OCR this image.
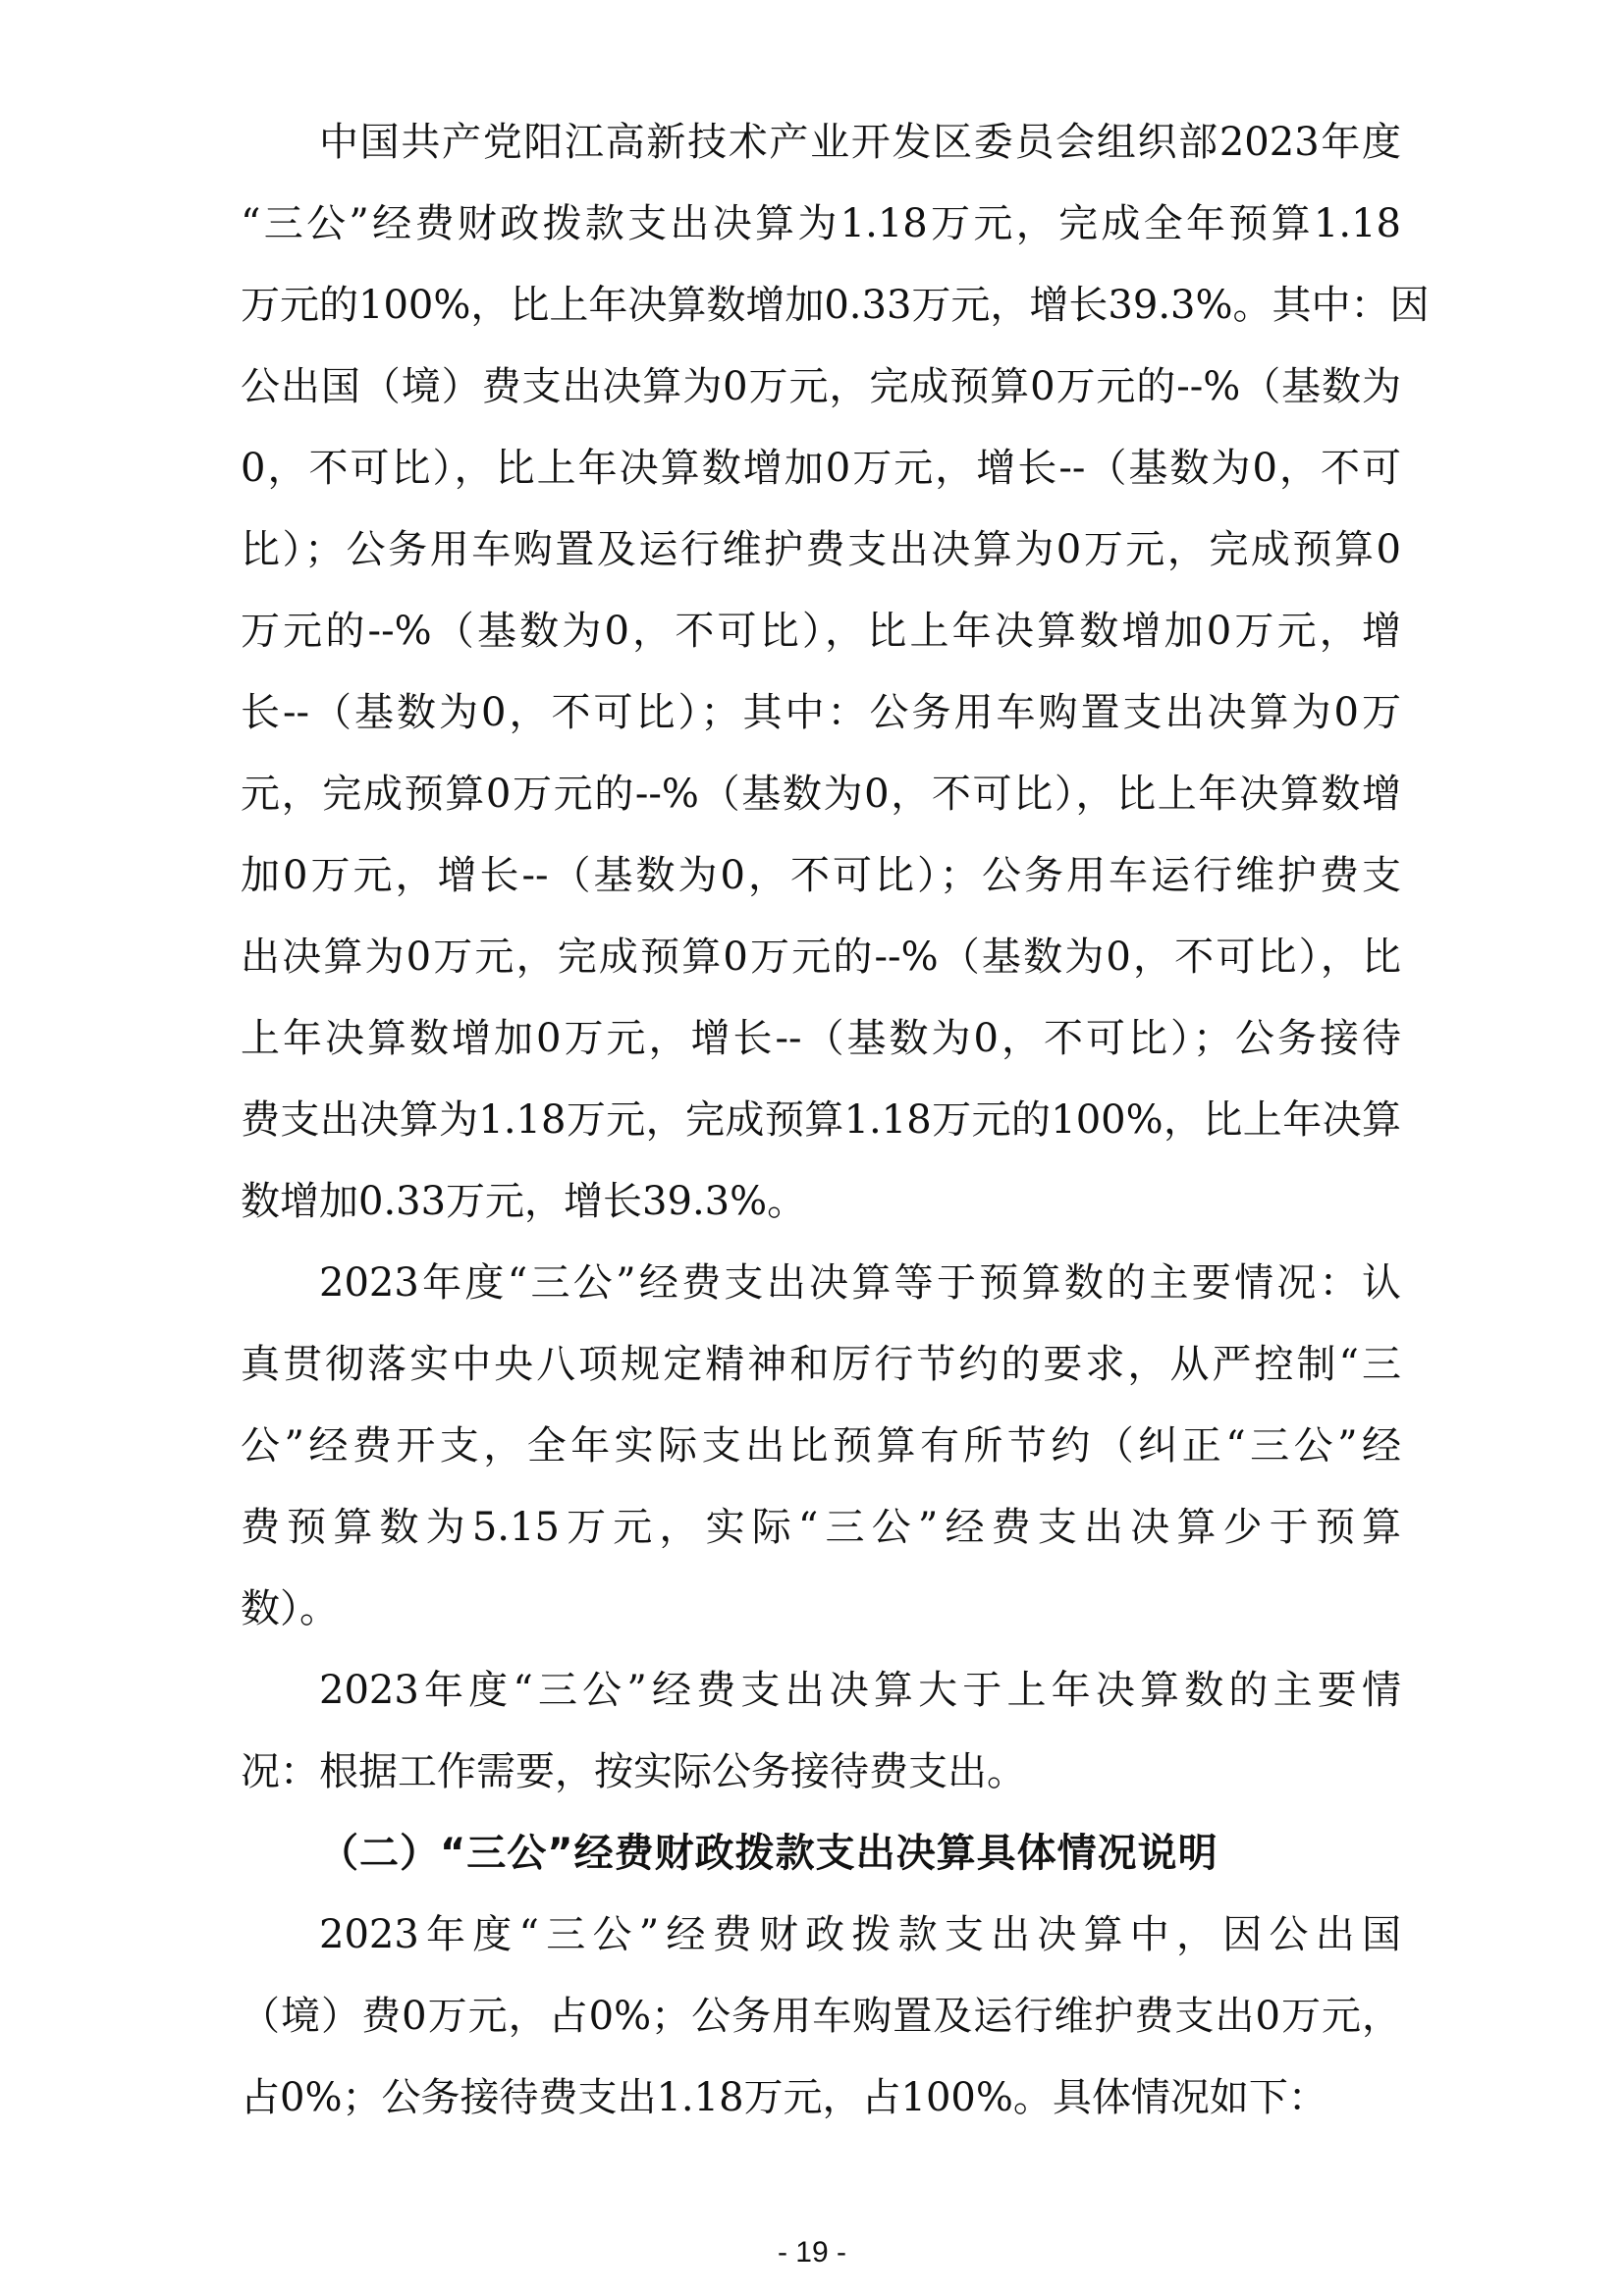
中国共产党阳江高新技术产业开发区委员会组织部2023年度
“三公”经费财政拨款支出决算为1.18万元，完成全年预算1.18
万元的100%，比上年决算数增加0.33万元，增长39.3%。其中：因
公出国（境）费支出决算为0万元，完成预算0万元的--%（基数为
0，不可比），比上年决算数增加0万元，增长--（基数为0，不可
比）；公务用车购置及运行维护费支出决算为0万元，完成预算0
万元的--%（基数为0，不可比），比上年决算数增加0万元，增
长--（基数为0，不可比）；其中：公务用车购置支出决算为0万
元，完成预算0万元的--%（基数为0，不可比），比上年决算数增
加0万元，增长--（基数为0，不可比）；公务用车运行维护费支
出决算为0万元，完成预算0万元的--%（基数为0，不可比），比
上年决算数增加0万元，增长--（基数为0，不可比）；公务接待
费支出决算为1.18万元，完成预算1.18万元的100%，比上年决算
数增加0.33万元，增长39.3%。
2023年度“三公”经费支出决算等于预算数的主要情况：认
真贯彻落实中央八项规定精神和厉行节约的要求，从严控制“三
公”经费开支，全年实际支出比预算有所节约（纠正“三公”经
费预算数为5.15万元，实际“三公”经费支出决算少于预算
数）。
2023年度“三公”经费支出决算大于上年决算数的主要情
况：根据工作需要，按实际公务接待费支出。
（二）“三公”经费财政拨款支出决算具体情况说明
2023年度“三公”经费财政拨款支出决算中，因公出国
（境）费0万元，占0%；公务用车购置及运行维护费支出0万元，
占0%；公务接待费支出1.18万元，占100%。具体情况如下：
- 19 -
